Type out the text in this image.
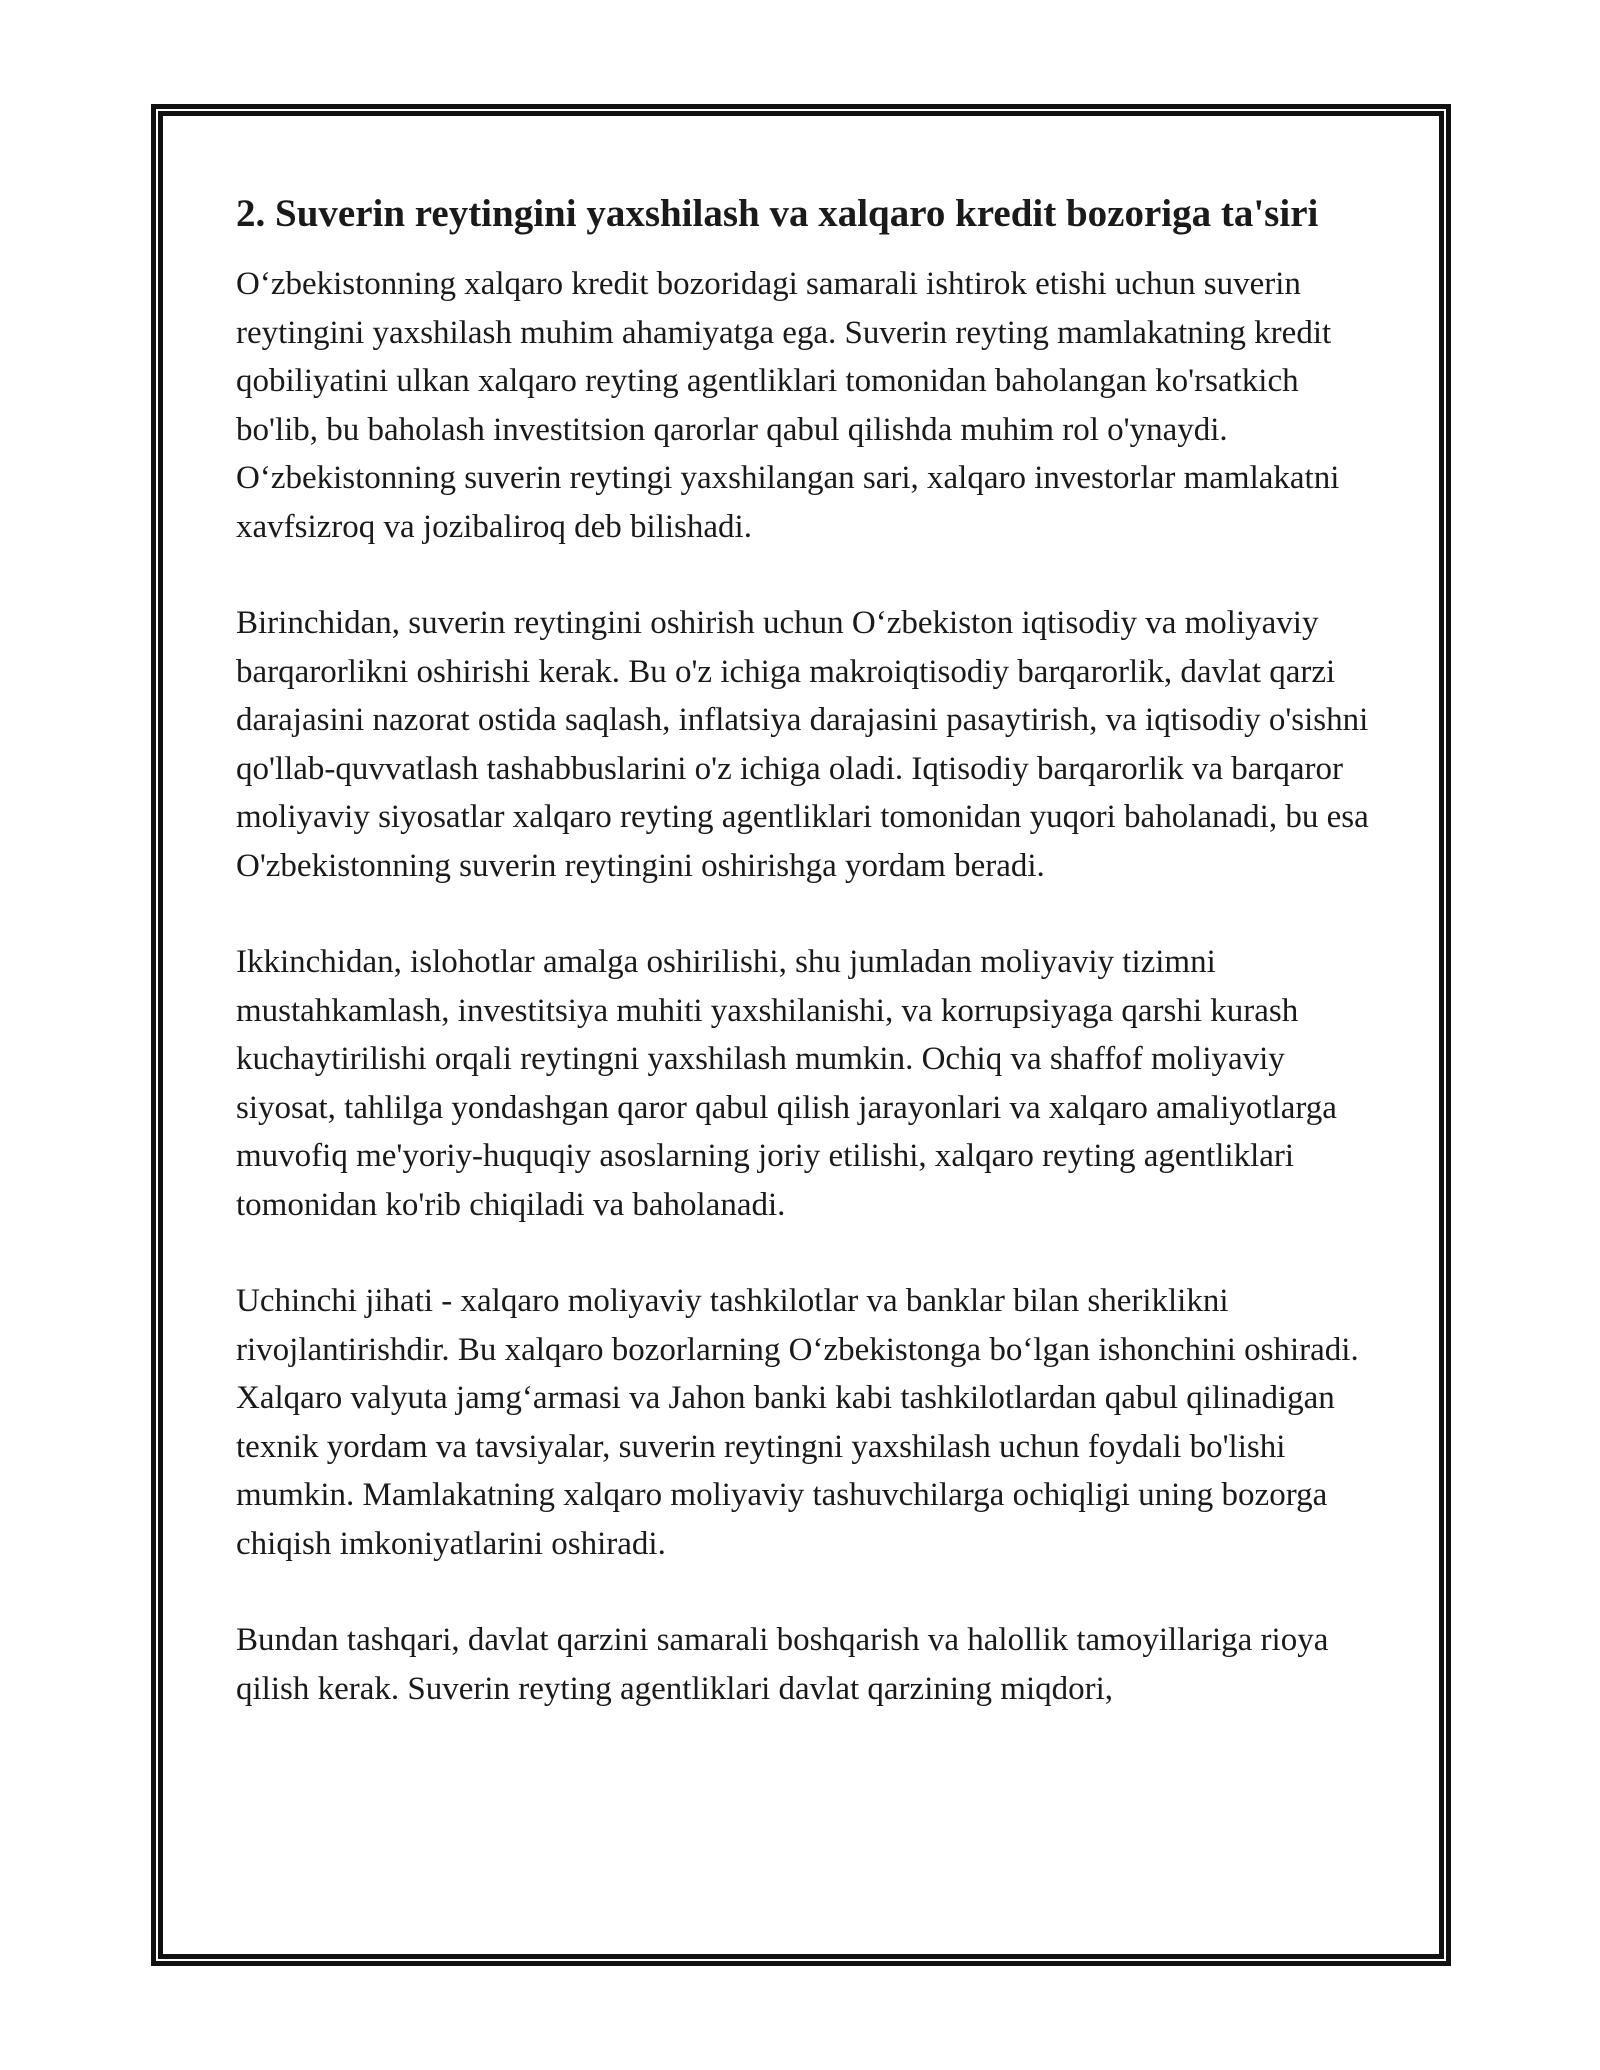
2. Suverin reytingini yaxshilash va xalqaro kredit bozoriga ta'siri

O‘zbekistonning xalqaro kredit bozoridagi samarali ishtirok etishi uchun suverin reytingini yaxshilash muhim ahamiyatga ega. Suverin reyting mamlakatning kredit qobiliyatini ulkan xalqaro reyting agentliklari tomonidan baholangan ko'rsatkich bo'lib, bu baholash investitsion qarorlar qabul qilishda muhim rol o'ynaydi. O‘zbekistonning suverin reytingi yaxshilangan sari, xalqaro investorlar mamlakatni xavfsizroq va jozibaliroq deb bilishadi.

Birinchidan, suverin reytingini oshirish uchun O‘zbekiston iqtisodiy va moliyaviy barqarorlikni oshirishi kerak. Bu o'z ichiga makroiqtisodiy barqarorlik, davlat qarzi darajasini nazorat ostida saqlash, inflatsiya darajasini pasaytirish, va iqtisodiy o'sishni qo'llab-quvvatlash tashabbuslarini o'z ichiga oladi. Iqtisodiy barqarorlik va barqaror moliyaviy siyosatlar xalqaro reyting agentliklari tomonidan yuqori baholanadi, bu esa O'zbekistonning suverin reytingini oshirishga yordam beradi.

Ikkinchidan, islohotlar amalga oshirilishi, shu jumladan moliyaviy tizimni mustahkamlash, investitsiya muhiti yaxshilanishi, va korrupsiyaga qarshi kurash kuchaytirilishi orqali reytingni yaxshilash mumkin. Ochiq va shaffof moliyaviy siyosat, tahlilga yondashgan qaror qabul qilish jarayonlari va xalqaro amaliyotlarga muvofiq me'yoriy-huquqiy asoslarning joriy etilishi, xalqaro reyting agentliklari tomonidan ko'rib chiqiladi va baholanadi.

Uchinchi jihati - xalqaro moliyaviy tashkilotlar va banklar bilan sheriklikni rivojlantirishdir. Bu xalqaro bozorlarning O‘zbekistonga bo‘lgan ishonchini oshiradi. Xalqaro valyuta jamg‘armasi va Jahon banki kabi tashkilotlardan qabul qilinadigan texnik yordam va tavsiyalar, suverin reytingni yaxshilash uchun foydali bo'lishi mumkin. Mamlakatning xalqaro moliyaviy tashuvchilarga ochiqligi uning bozorga chiqish imkoniyatlarini oshiradi.

Bundan tashqari, davlat qarzini samarali boshqarish va halollik tamoyillariga rioya qilish kerak. Suverin reyting agentliklari davlat qarzining miqdori,
